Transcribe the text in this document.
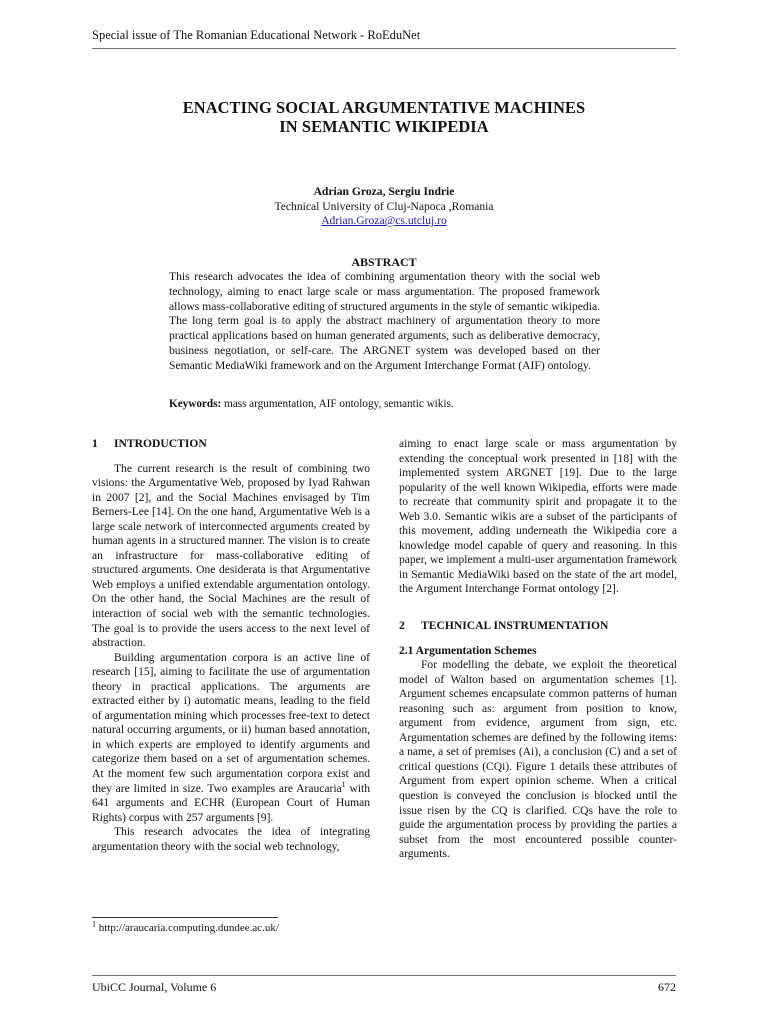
Special issue of The Romanian Educational Network - RoEduNet
ENACTING SOCIAL ARGUMENTATIVE MACHINES
IN SEMANTIC WIKIPEDIA
Adrian Groza, Sergiu Indrie
Technical University of Cluj-Napoca ,Romania
Adrian.Groza@cs.utcluj.ro
ABSTRACT
This research advocates the idea of combining argumentation theory with the social web technology, aiming to enact large scale or mass argumentation. The proposed framework allows mass-collaborative editing of structured arguments in the style of semantic wikipedia. The long term goal is to apply the abstract machinery of argumentation theory to more practical applications based on human generated arguments, such as deliberative democracy, business negotiation, or self-care. The ARGNET system was developed based on ther Semantic MediaWiki framework and on the Argument Interchange Format (AIF) ontology.
Keywords: mass argumentation, AIF ontology, semantic wikis.
1 INTRODUCTION

The current research is the result of combining two visions: the Argumentative Web, proposed by Iyad Rahwan in 2007 [2], and the Social Machines envisaged by Tim Berners-Lee [14]. On the one hand, Argumentative Web is a large scale network of interconnected arguments created by human agents in a structured manner. The vision is to create an infrastructure for mass-collaborative editing of structured arguments. One desiderata is that Argumentative Web employs a unified extendable argumentation ontology. On the other hand, the Social Machines are the result of interaction of social web with the semantic technologies. The goal is to provide the users access to the next level of abstraction.

Building argumentation corpora is an active line of research [15], aiming to facilitate the use of argumentation theory in practical applications. The arguments are extracted either by i) automatic means, leading to the field of argumentation mining which processes free-text to detect natural occurring arguments, or ii) human based annotation, in which experts are employed to identify arguments and categorize them based on a set of argumentation schemes. At the moment few such argumentation corpora exist and they are limited in size. Two examples are Araucaria$^1$ with 641 arguments and ECHR (European Court of Human Rights) corpus with 257 arguments [9].

This research advocates the idea of integrating argumentation theory with the social web technology,

aiming to enact large scale or mass argumentation by extending the conceptual work presented in [18] with the implemented system ARGNET [19]. Due to the large popularity of the well known Wikipedia, efforts were made to recreate that community spirit and propagate it to the Web 3.0. Semantic wikis are a subset of the participants of this movement, adding underneath the Wikipedia core a knowledge model capable of query and reasoning. In this paper, we implement a multi-user argumentation framework in Semantic MediaWiki based on the state of the art model, the Argument Interchange Format ontology [2].

2 TECHNICAL INSTRUMENTATION

2.1 Argumentation Schemes

For modelling the debate, we exploit the theoretical model of Walton based on argumentation schemes [1]. Argument schemes encapsulate common patterns of human reasoning such as: argument from position to know, argument from evidence, argument from sign, etc. Argumentation schemes are defined by the following items: a name, a set of premises (Ai), a conclusion (C) and a set of critical questions (CQi). Figure 1 details these attributes of Argument from expert opinion scheme. When a critical question is conveyed the conclusion is blocked until the issue risen by the CQ is clarified. CQs have the role to guide the argumentation process by providing the parties a subset from the most encountered possible counter-arguments.

$^1$ http://araucaria.computing.dundee.ac.uk/
UbiCC Journal, Volume 6	672
